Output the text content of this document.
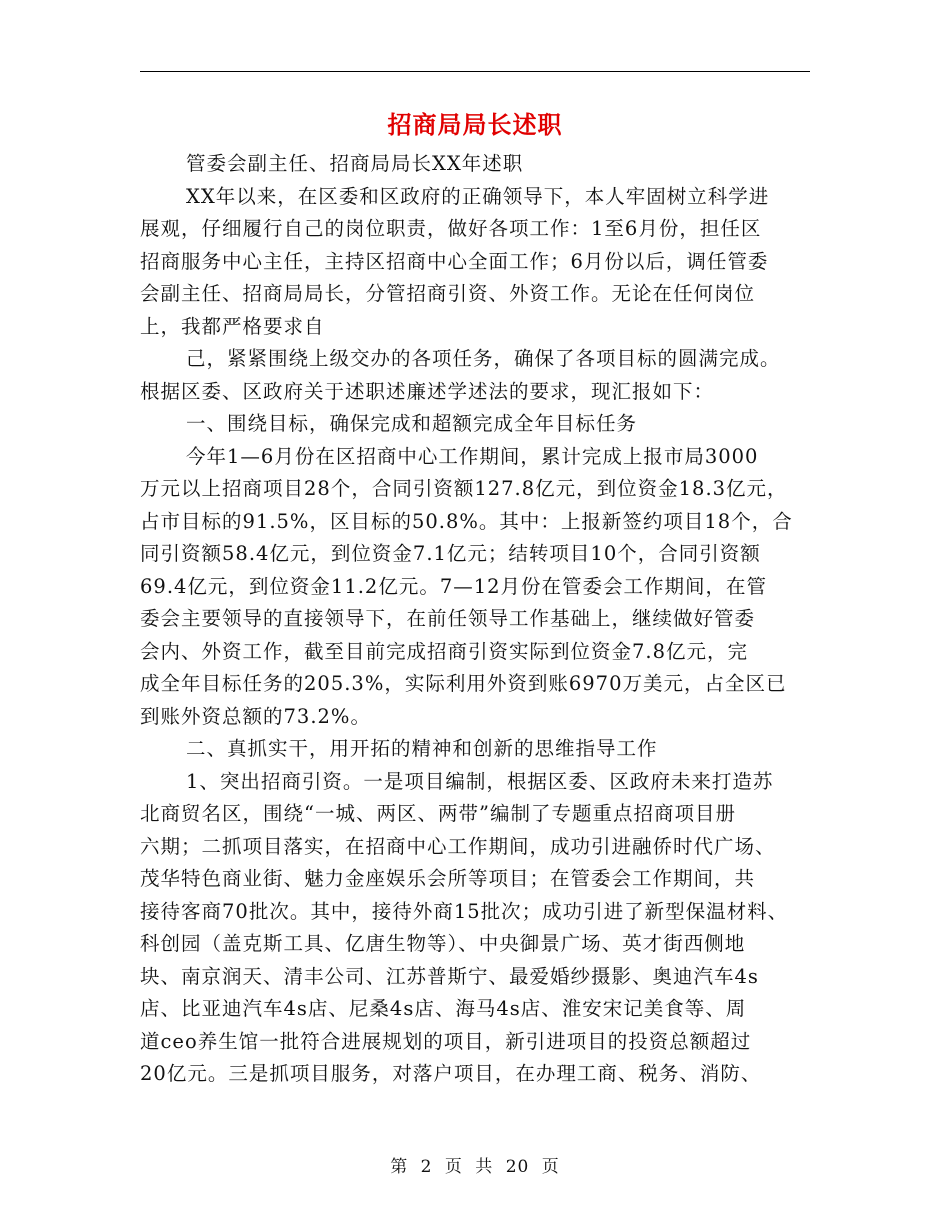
招商局局长述职
管委会副主任、招商局局长XX年述职
XX年以来，在区委和区政府的正确领导下，本人牢固树立科学进
展观，仔细履行自己的岗位职责，做好各项工作：1至6月份，担任区
招商服务中心主任，主持区招商中心全面工作；6月份以后，调任管委
会副主任、招商局局长，分管招商引资、外资工作。无论在任何岗位
上，我都严格要求自
己，紧紧围绕上级交办的各项任务，确保了各项目标的圆满完成。
根据区委、区政府关于述职述廉述学述法的要求，现汇报如下：
一、围绕目标，确保完成和超额完成全年目标任务
今年1—6月份在区招商中心工作期间，累计完成上报市局3000
万元以上招商项目28个，合同引资额127.8亿元，到位资金18.3亿元，
占市目标的91.5%，区目标的50.8%。其中：上报新签约项目18个，合
同引资额58.4亿元，到位资金7.1亿元；结转项目10个，合同引资额
69.4亿元，到位资金11.2亿元。7—12月份在管委会工作期间，在管
委会主要领导的直接领导下，在前任领导工作基础上，继续做好管委
会内、外资工作，截至目前完成招商引资实际到位资金7.8亿元，完
成全年目标任务的205.3%，实际利用外资到账6970万美元，占全区已
到账外资总额的73.2%。
二、真抓实干，用开拓的精神和创新的思维指导工作
1、突出招商引资。一是项目编制，根据区委、区政府未来打造苏
北商贸名区，围绕“一城、两区、两带”编制了专题重点招商项目册
六期；二抓项目落实，在招商中心工作期间，成功引进融侨时代广场、
茂华特色商业街、魅力金座娱乐会所等项目；在管委会工作期间，共
接待客商70批次。其中，接待外商15批次；成功引进了新型保温材料、
科创园（盖克斯工具、亿唐生物等）、中央御景广场、英才街西侧地
块、南京润天、清丰公司、江苏普斯宁、最爱婚纱摄影、奥迪汽车4s
店、比亚迪汽车4s店、尼桑4s店、海马4s店、淮安宋记美食等、周
道ceo养生馆一批符合进展规划的项目，新引进项目的投资总额超过
20亿元。三是抓项目服务，对落户项目，在办理工商、税务、消防、
第 2 页 共 20 页
